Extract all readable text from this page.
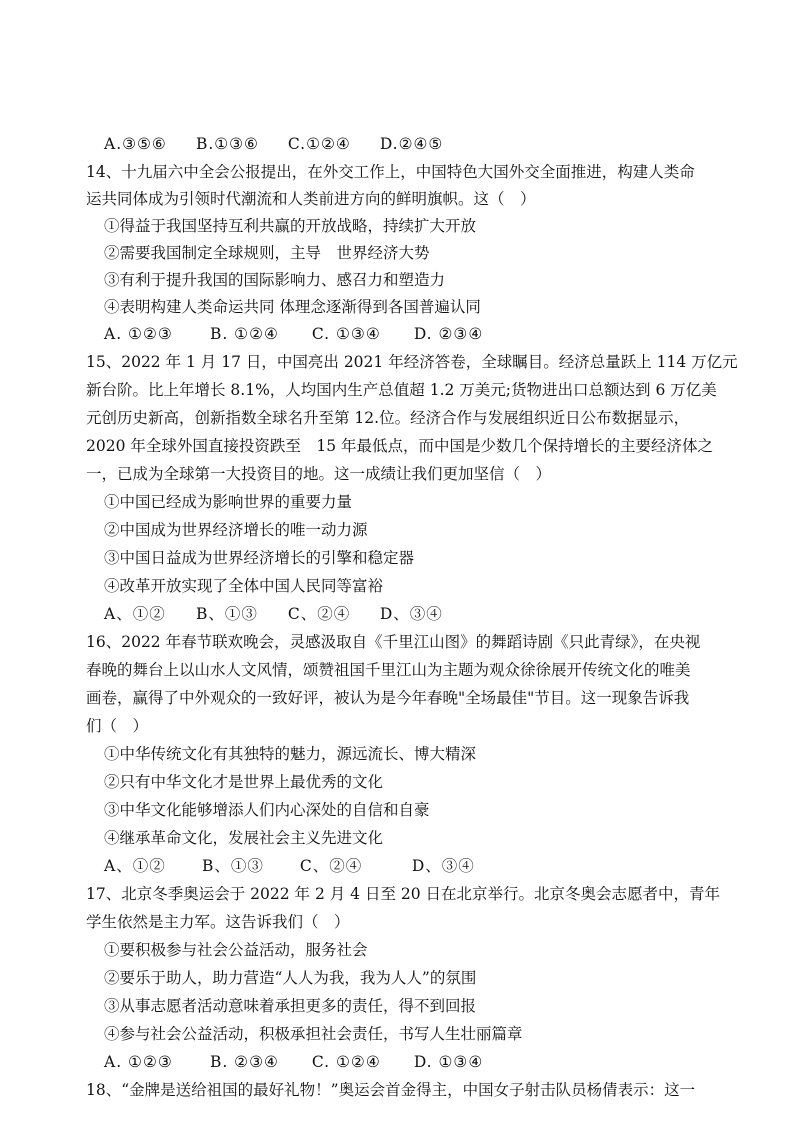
A.③⑤⑥ B.①③⑥ C.①②④ D.②④⑤
14、十九届六中全会公报提出，在外交工作上，中国特色大国外交全面推进，构建人类命
运共同体成为引领时代潮流和人类前进方向的鲜明旗帜。这（　）
①得益于我国坚持互利共赢的开放战略，持续扩大开放
②需要我国制定全球规则，主导　世界经济大势
③有利于提升我国的国际影响力、感召力和塑造力
④表明构建人类命运共同 体理念逐渐得到各国普遍认同
A. ①②③ B. ①②④ C. ①③④ D. ②③④
15、2022 年 1 月 17 日，中国亮出 2021 年经济答卷，全球瞩目。经济总量跃上 114 万亿元
新台阶。比上年增长 8.1%，人均国内生产总值超 1.2 万美元;货物进出口总额达到 6 万亿美
元创历史新高，创新指数全球名升至第 12.位。经济合作与发展组织近日公布数据显示，
2020 年全球外国直接投资跌至　15 年最低点，而中国是少数几个保持增长的主要经济体之
一，已成为全球第一大投资目的地。这一成绩让我们更加坚信（　）
①中国已经成为影响世界的重要力量
②中国成为世界经济增长的唯一动力源
③中国日益成为世界经济增长的引擎和稳定器
④改革开放实现了全体中国人民同等富裕
A、①② B、①③ C、②④ D、③④
16、2022 年春节联欢晚会，灵感汲取自《千里江山图》的舞蹈诗剧《只此青绿》，在央视
春晚的舞台上以山水人文风情，颂赞祖国千里江山为主题为观众徐徐展开传统文化的唯美
画卷，赢得了中外观众的一致好评，被认为是今年春晚"全场最佳"节目。这一现象告诉我
们（　）
①中华传统文化有其独特的魅力，源远流长、博大精深
②只有中华文化才是世界上最优秀的文化
③中华文化能够增添人们内心深处的自信和自豪
④继承革命文化，发展社会主义先进文化
A、①② B、①③ C、②④	D、③④
17、北京冬季奥运会于 2022 年 2 月 4 日至 20 日在北京举行。北京冬奥会志愿者中，青年
学生依然是主力军。这告诉我们（　）
①要积极参与社会公益活动，服务社会
②要乐于助人，助力营造“人人为我，我为人人”的氛围
③从事志愿者活动意味着承担更多的责任，得不到回报
④参与社会公益活动，积极承担社会责任，书写人生壮丽篇章
A. ①②③ B. ②③④ C. ①②④ D. ①③④
18、“金牌是送给祖国的最好礼物！”奥运会首金得主，中国女子射击队员杨倩表示：这一
